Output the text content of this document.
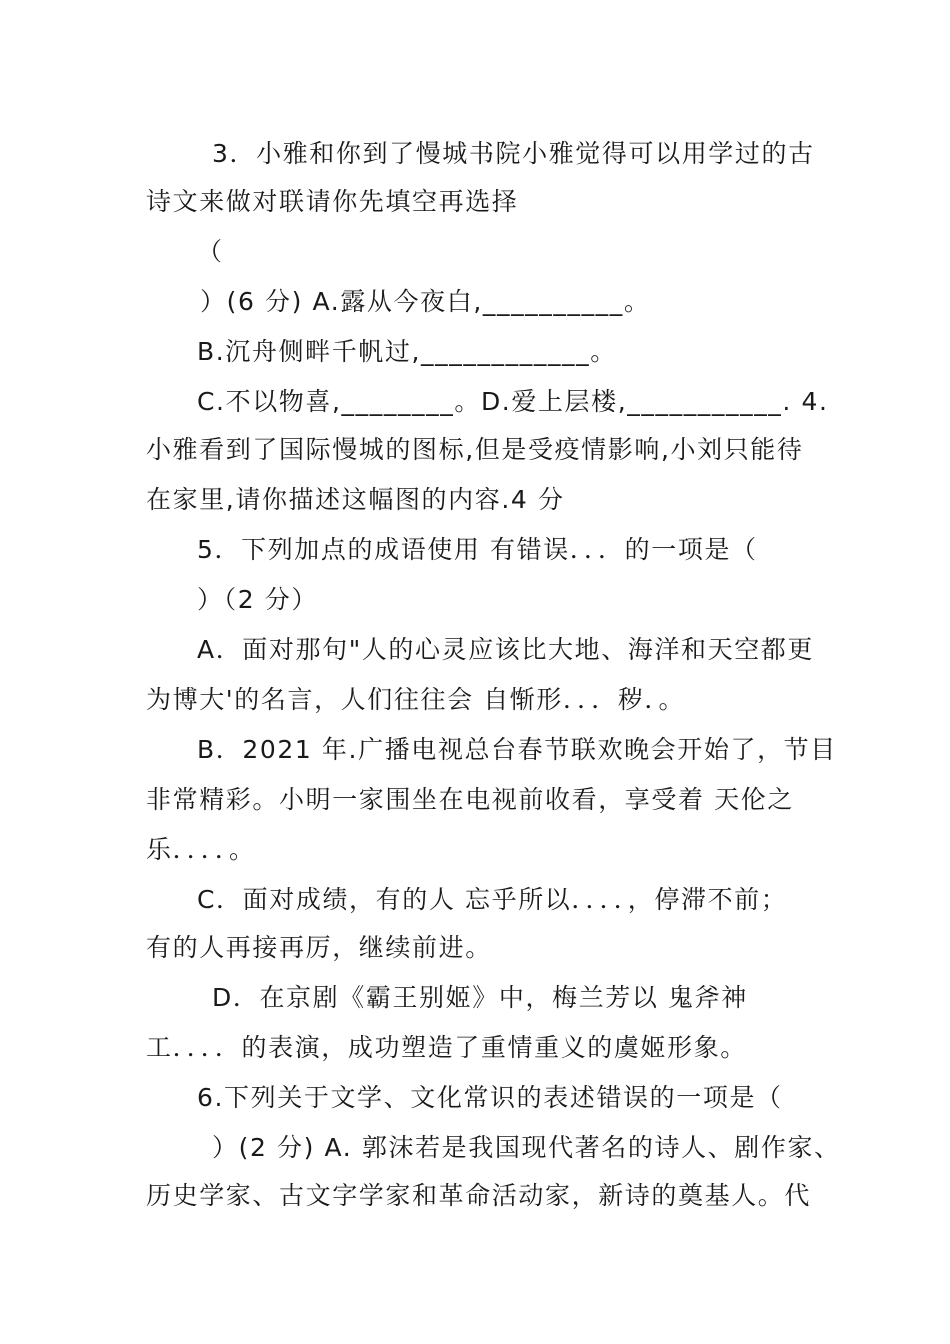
3．小雅和你到了慢城书院小雅觉得可以用学过的古
诗文来做对联请你先填空再选择
（
）(6 分) A.露从今夜白,__________。
B.沉舟侧畔千帆过,____________。
C.不以物喜,________。D.爱上层楼,___________. 4.
小雅看到了国际慢城的图标,但是受疫情影响,小刘只能待
在家里,请你描述这幅图的内容.4 分
5．下列加点的成语使用 有错误．．．的一项是（
）（2 分）
A．面对那句"人的心灵应该比大地、海洋和天空都更
为博大'的名言，人们往往会 自惭形．．．秽．。
B．2021 年.广播电视总台春节联欢晚会开始了，节目
非常精彩。小明一家围坐在电视前收看，享受着 天伦之
乐．．．．。
C．面对成绩，有的人 忘乎所以．．．．，停滞不前；
有的人再接再厉，继续前进。
D．在京剧《霸王别姬》中，梅兰芳以 鬼斧神
工．．．．的表演，成功塑造了重情重义的虞姬形象。
6.下列关于文学、文化常识的表述错误的一项是（
）(2 分) A. 郭沫若是我国现代著名的诗人、剧作家、
历史学家、古文字学家和革命活动家，新诗的奠基人。代
